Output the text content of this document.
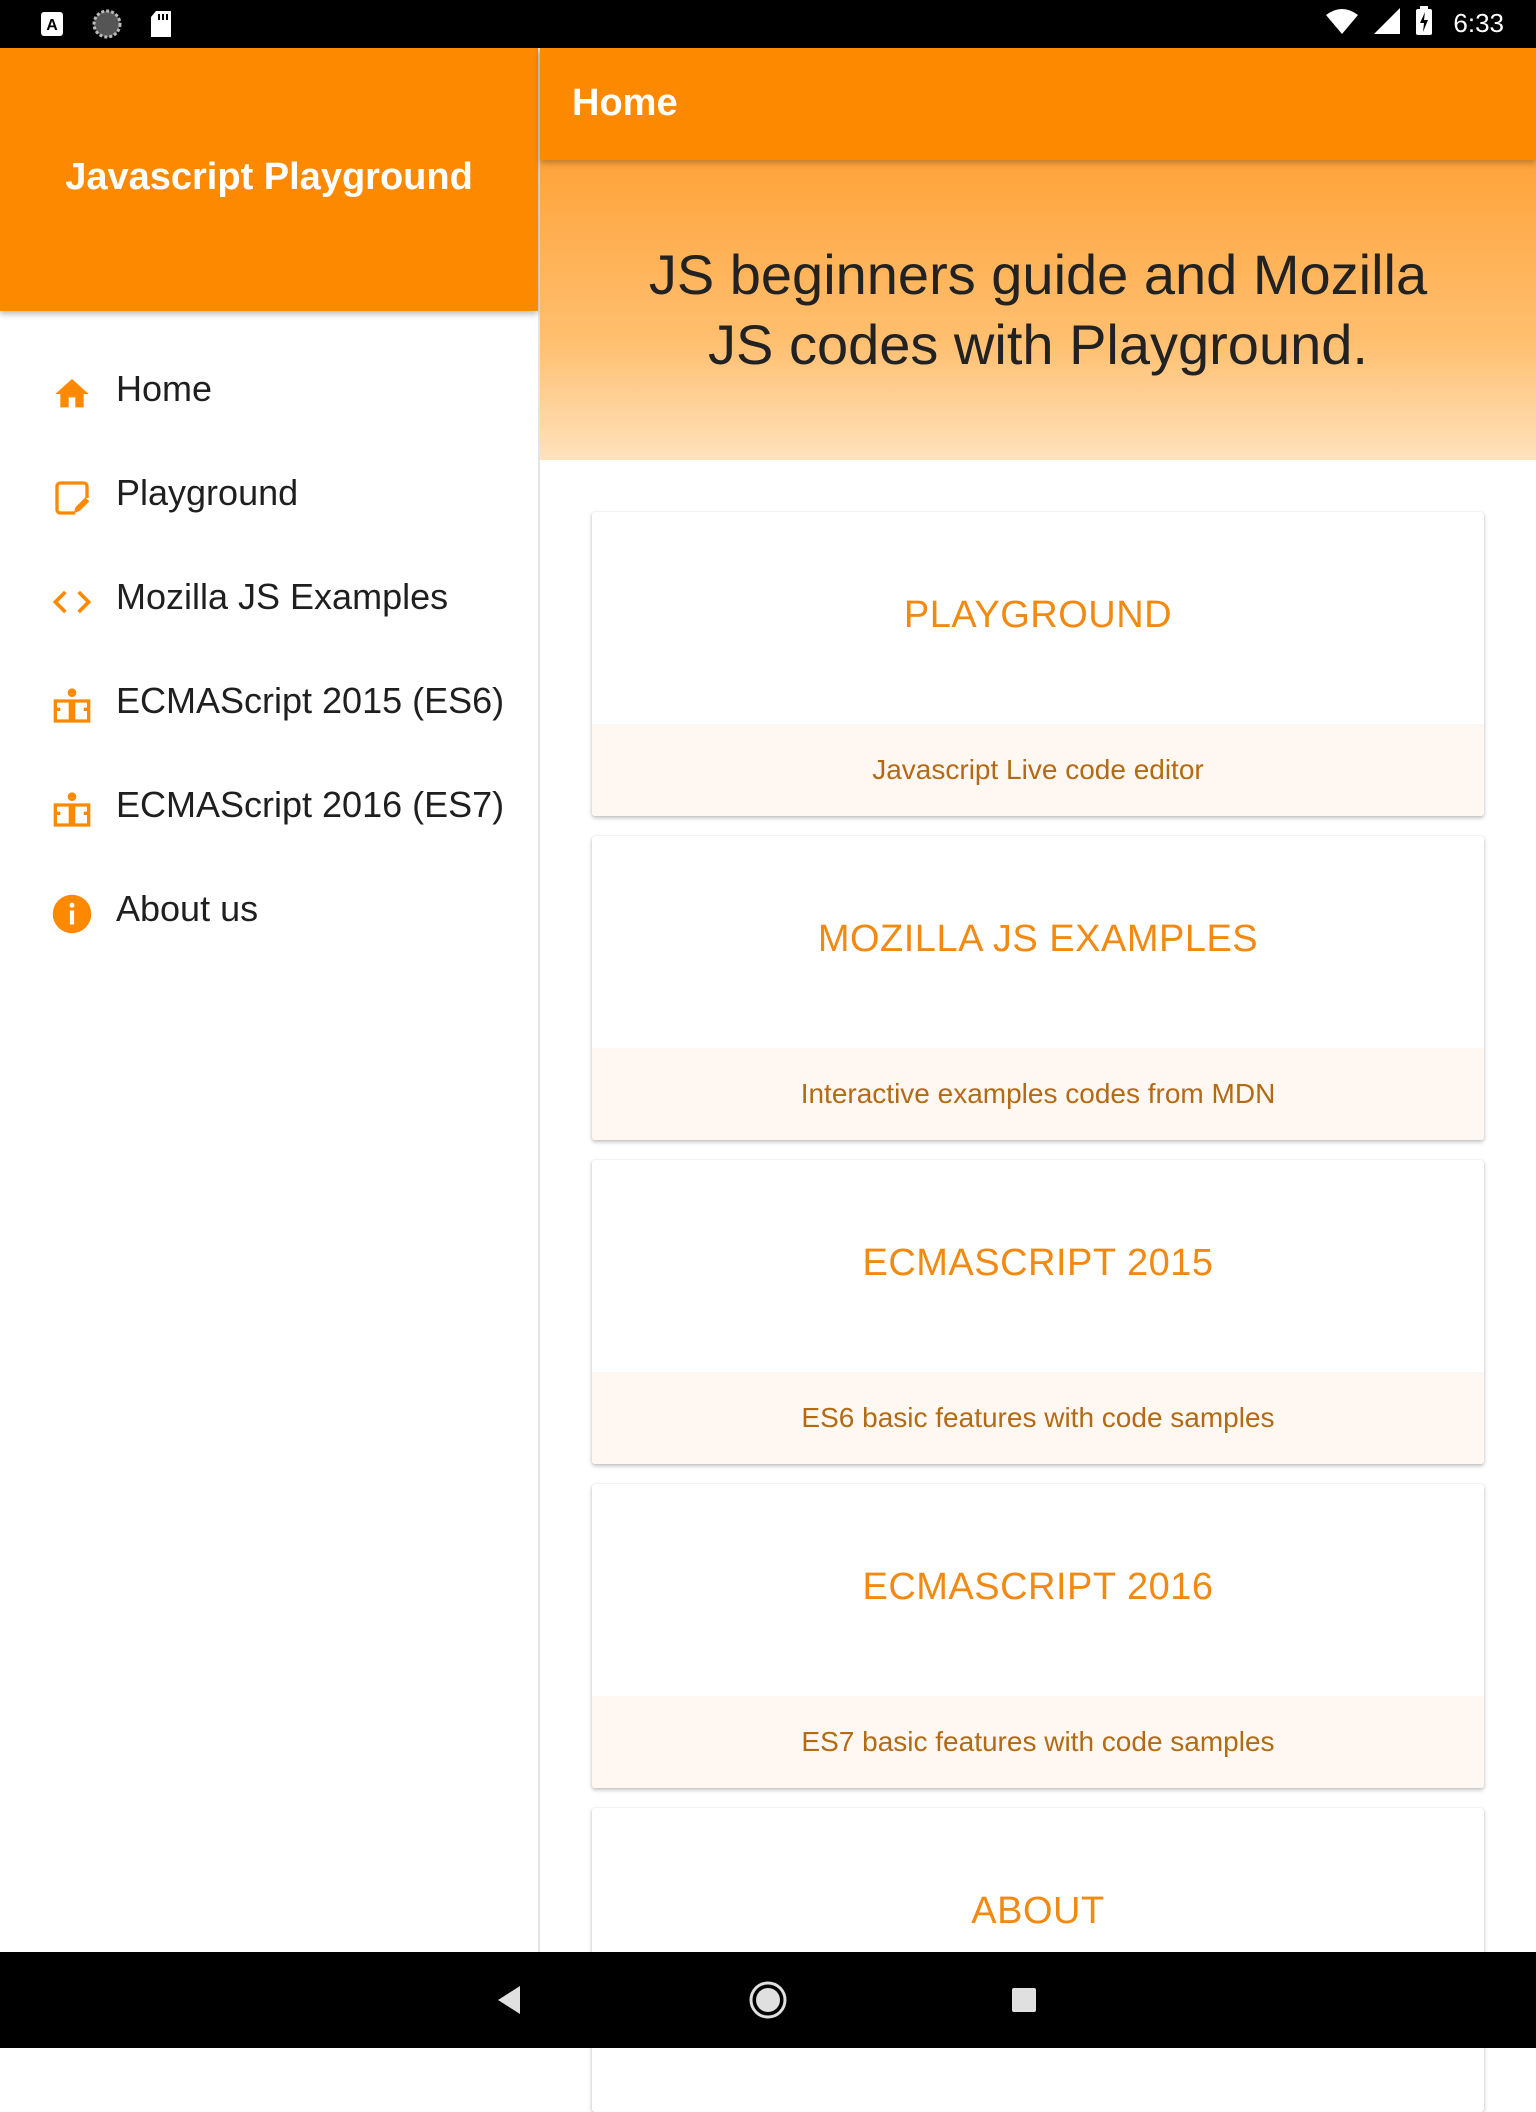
A	6:33
Javascript Playground
Home
Playground
Mozilla JS Examples
ECMAScript 2015 (ES6)
ECMAScript 2016 (ES7)
About us
Home
JS beginners guide and Mozilla
JS codes with Playground.
PLAYGROUND
Javascript Live code editor
MOZILLA JS EXAMPLES
Interactive examples codes from MDN
ECMASCRIPT 2015
ES6 basic features with code samples
ECMASCRIPT 2016
ES7 basic features with code samples
ABOUT
